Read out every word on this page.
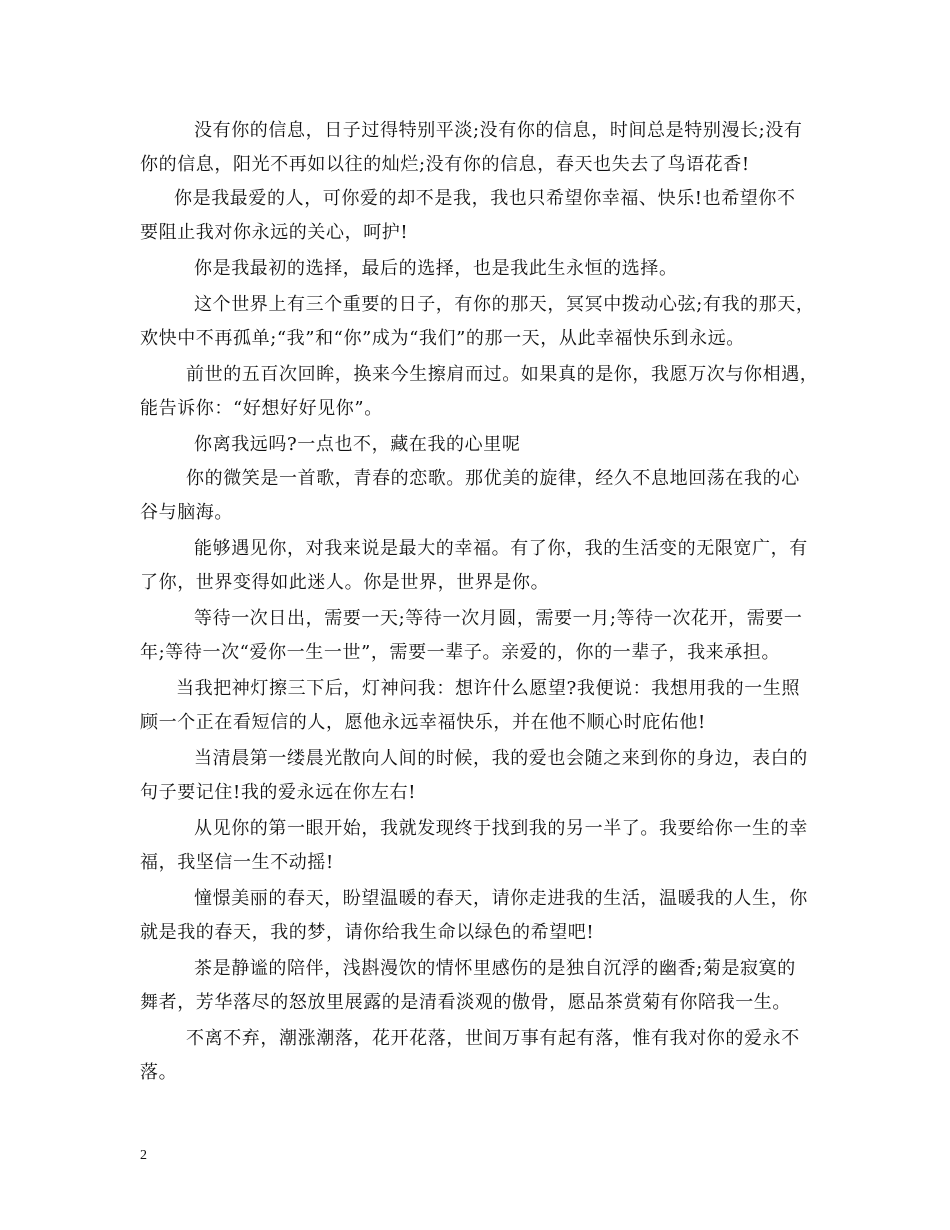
没有你的信息，日子过得特别平淡;没有你的信息，时间总是特别漫长;没有
你的信息，阳光不再如以往的灿烂;没有你的信息，春天也失去了鸟语花香!
你是我最爱的人，可你爱的却不是我，我也只希望你幸福、快乐!也希望你不
要阻止我对你永远的关心，呵护!
你是我最初的选择，最后的选择，也是我此生永恒的选择。
这个世界上有三个重要的日子，有你的那天，冥冥中拨动心弦;有我的那天，
欢快中不再孤单;“我”和“你”成为“我们”的那一天，从此幸福快乐到永远。
前世的五百次回眸，换来今生擦肩而过。如果真的是你，我愿万次与你相遇，
能告诉你：“好想好好见你”。
你离我远吗?一点也不，藏在我的心里呢
你的微笑是一首歌，青春的恋歌。那优美的旋律，经久不息地回荡在我的心
谷与脑海。
能够遇见你，对我来说是最大的幸福。有了你，我的生活变的无限宽广，有
了你，世界变得如此迷人。你是世界，世界是你。
等待一次日出，需要一天;等待一次月圆，需要一月;等待一次花开，需要一
年;等待一次“爱你一生一世”，需要一辈子。亲爱的，你的一辈子，我来承担。
当我把神灯擦三下后，灯神问我：想许什么愿望?我便说：我想用我的一生照
顾一个正在看短信的人，愿他永远幸福快乐，并在他不顺心时庇佑他!
当清晨第一缕晨光散向人间的时候，我的爱也会随之来到你的身边，表白的
句子要记住!我的爱永远在你左右!
从见你的第一眼开始，我就发现终于找到我的另一半了。我要给你一生的幸
福，我坚信一生不动摇!
憧憬美丽的春天，盼望温暖的春天，请你走进我的生活，温暖我的人生，你
就是我的春天，我的梦，请你给我生命以绿色的希望吧!
茶是静谧的陪伴，浅斟漫饮的情怀里感伤的是独自沉浮的幽香;菊是寂寞的
舞者，芳华落尽的怒放里展露的是清看淡观的傲骨，愿品茶赏菊有你陪我一生。
不离不弃，潮涨潮落，花开花落，世间万事有起有落，惟有我对你的爱永不
落。
2
